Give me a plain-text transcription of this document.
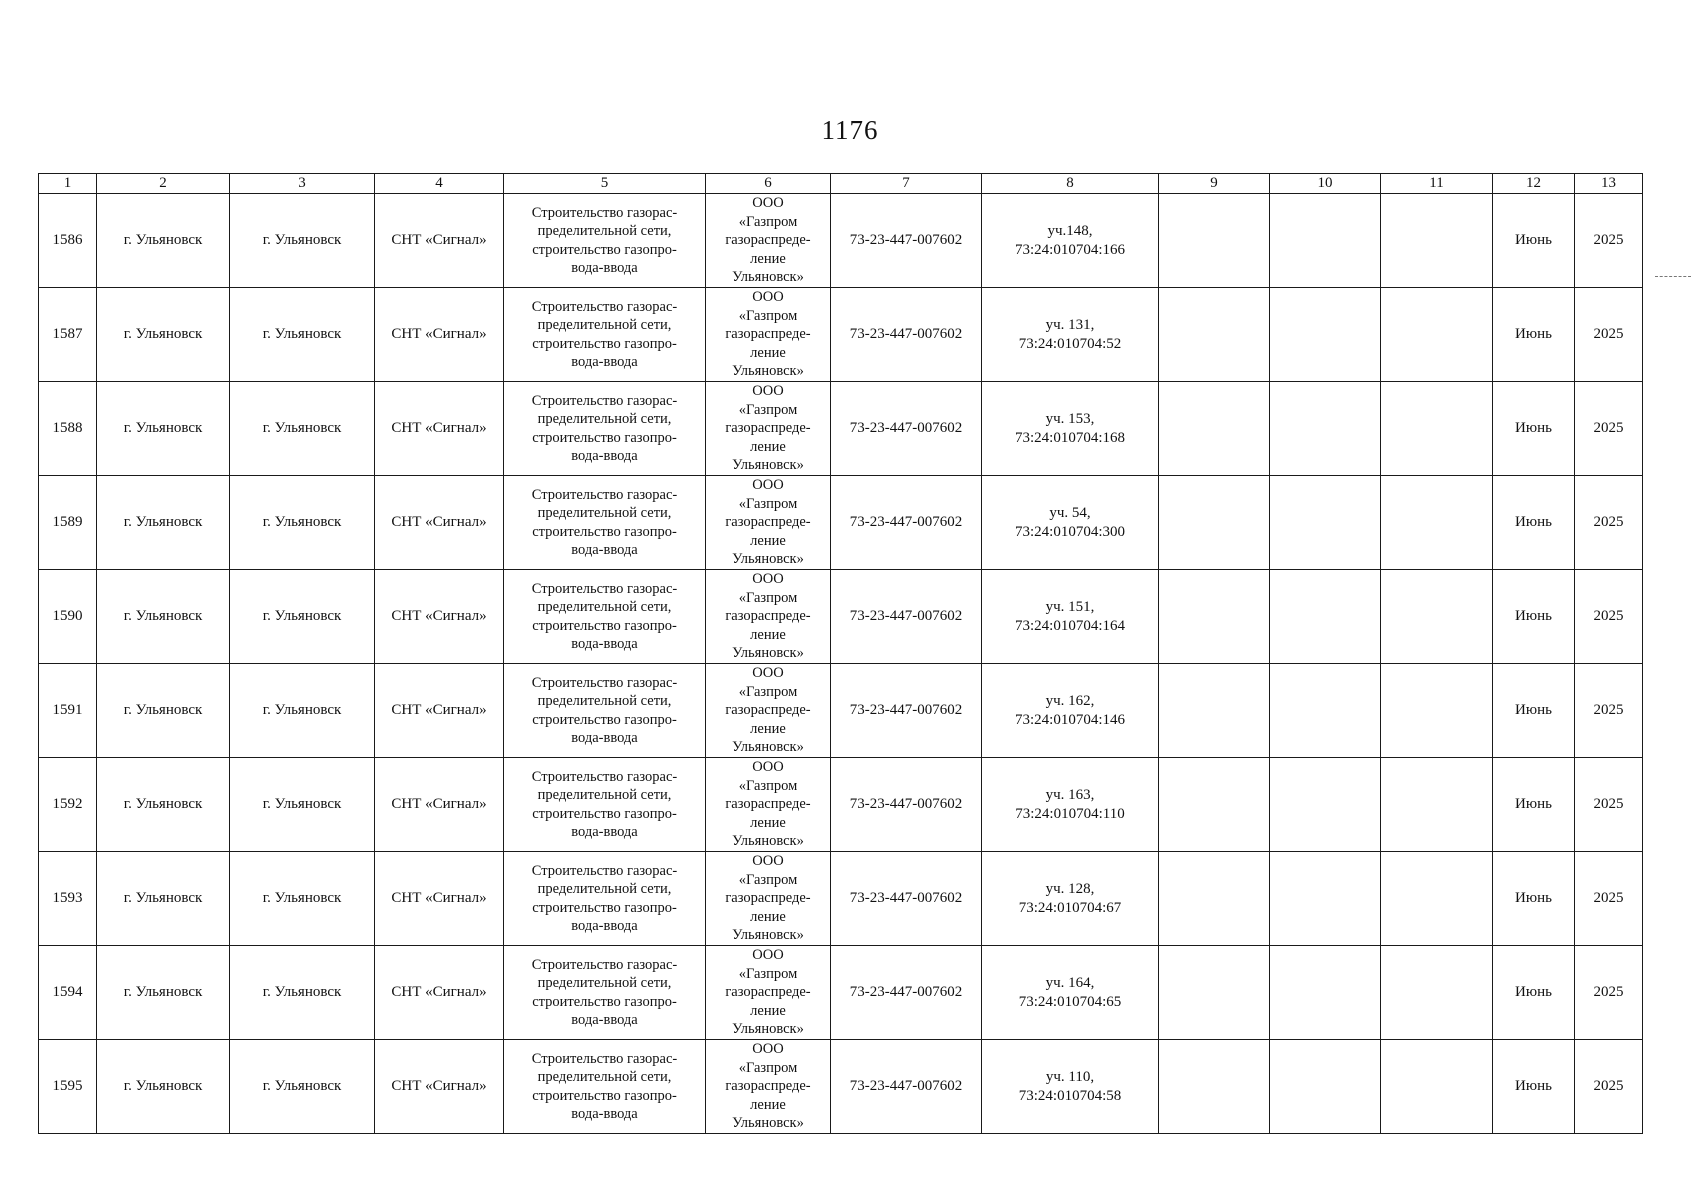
1176
1	2	3	4	5	6	7	8	9	10	11	12	13
1586	г. Ульяновск	г. Ульяновск	СНТ «Сигнал»	Строительство газорас-
пределительной сети,
строительство газопро-
вода-ввода	ООО
«Газпром
газораспреде-
ление
Ульяновск»	73-23-447-007602	уч.148,
73:24:010704:166				Июнь	2025
1587	г. Ульяновск	г. Ульяновск	СНТ «Сигнал»	Строительство газорас-
пределительной сети,
строительство газопро-
вода-ввода	ООО
«Газпром
газораспреде-
ление
Ульяновск»	73-23-447-007602	уч. 131,
73:24:010704:52				Июнь	2025
1588	г. Ульяновск	г. Ульяновск	СНТ «Сигнал»	Строительство газорас-
пределительной сети,
строительство газопро-
вода-ввода	ООО
«Газпром
газораспреде-
ление
Ульяновск»	73-23-447-007602	уч. 153,
73:24:010704:168				Июнь	2025
1589	г. Ульяновск	г. Ульяновск	СНТ «Сигнал»	Строительство газорас-
пределительной сети,
строительство газопро-
вода-ввода	ООО
«Газпром
газораспреде-
ление
Ульяновск»	73-23-447-007602	уч. 54,
73:24:010704:300				Июнь	2025
1590	г. Ульяновск	г. Ульяновск	СНТ «Сигнал»	Строительство газорас-
пределительной сети,
строительство газопро-
вода-ввода	ООО
«Газпром
газораспреде-
ление
Ульяновск»	73-23-447-007602	уч. 151,
73:24:010704:164				Июнь	2025
1591	г. Ульяновск	г. Ульяновск	СНТ «Сигнал»	Строительство газорас-
пределительной сети,
строительство газопро-
вода-ввода	ООО
«Газпром
газораспреде-
ление
Ульяновск»	73-23-447-007602	уч. 162,
73:24:010704:146				Июнь	2025
1592	г. Ульяновск	г. Ульяновск	СНТ «Сигнал»	Строительство газорас-
пределительной сети,
строительство газопро-
вода-ввода	ООО
«Газпром
газораспреде-
ление
Ульяновск»	73-23-447-007602	уч. 163,
73:24:010704:110				Июнь	2025
1593	г. Ульяновск	г. Ульяновск	СНТ «Сигнал»	Строительство газорас-
пределительной сети,
строительство газопро-
вода-ввода	ООО
«Газпром
газораспреде-
ление
Ульяновск»	73-23-447-007602	уч. 128,
73:24:010704:67				Июнь	2025
1594	г. Ульяновск	г. Ульяновск	СНТ «Сигнал»	Строительство газорас-
пределительной сети,
строительство газопро-
вода-ввода	ООО
«Газпром
газораспреде-
ление
Ульяновск»	73-23-447-007602	уч. 164,
73:24:010704:65				Июнь	2025
1595	г. Ульяновск	г. Ульяновск	СНТ «Сигнал»	Строительство газорас-
пределительной сети,
строительство газопро-
вода-ввода	ООО
«Газпром
газораспреде-
ление
Ульяновск»	73-23-447-007602	уч. 110,
73:24:010704:58				Июнь	2025
